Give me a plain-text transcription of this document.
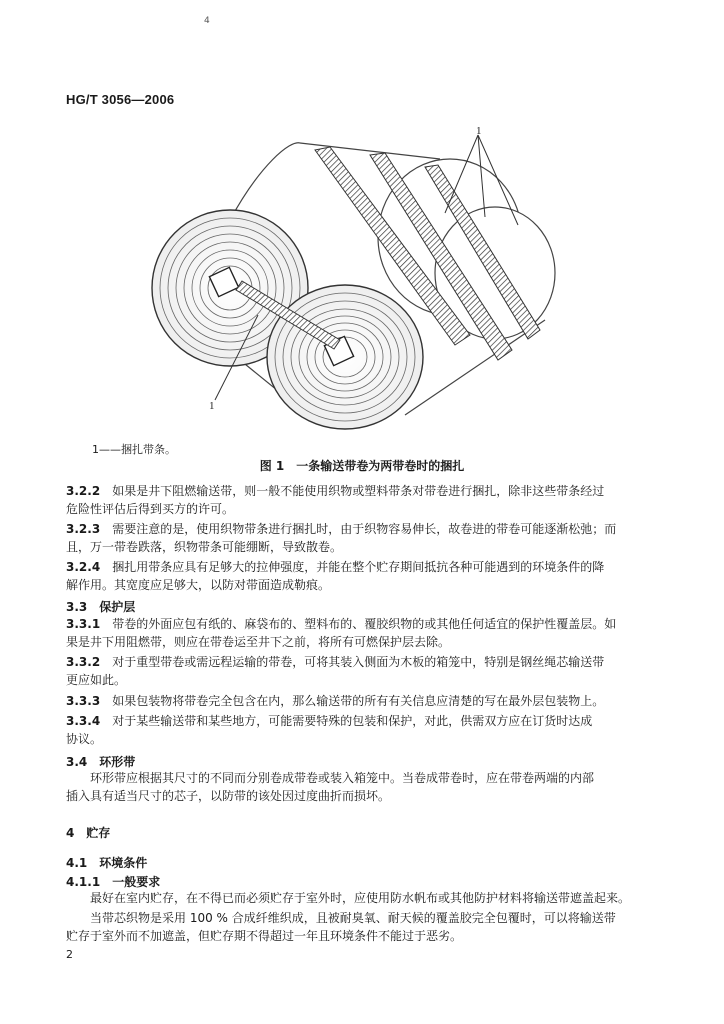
4
HG/T 3056—2006
1
1
1——捆扎带条。
图 1　一条输送带卷为两带卷时的捆扎
3.2.2　 如果是井下阻燃输送带，则一般不能使用织物或塑料带条对带卷进行捆扎，除非这些带条经过
危险性评估后得到买方的许可。
3.2.3　 需要注意的是，使用织物带条进行捆扎时，由于织物容易伸长，故卷进的带卷可能逐渐松弛；而
且，万一带卷跌落，织物带条可能绷断，导致散卷。
3.2.4　 捆扎用带条应具有足够大的拉伸强度，并能在整个贮存期间抵抗各种可能遇到的环境条件的降
解作用。其宽度应足够大，以防对带面造成勒痕。
3.3　 保护层
3.3.1　 带卷的外面应包有纸的、麻袋布的、塑料布的、覆胶织物的或其他任何适宜的保护性覆盖层。如
果是井下用阻燃带，则应在带卷运至井下之前，将所有可燃保护层去除。
3.3.2　 对于重型带卷或需远程运输的带卷，可将其装入侧面为木板的箱笼中，特别是钢丝绳芯输送带
更应如此。
3.3.3　 如果包装物将带卷完全包含在内，那么输送带的所有有关信息应清楚的写在最外层包装物上。
3.3.4　 对于某些输送带和某些地方，可能需要特殊的包装和保护，对此，供需双方应在订货时达成
协议。
3.4　 环形带
环形带应根据其尺寸的不同而分别卷成带卷或装入箱笼中。当卷成带卷时，应在带卷两端的内部
插入具有适当尺寸的芯子，以防带的该处因过度曲折而损坏。
4　 贮存
4.1　 环境条件
4.1.1　 一般要求
最好在室内贮存，在不得已而必须贮存于室外时，应使用防水帆布或其他防护材料将输送带遮盖起来。
当带芯织物是采用 100 % 合成纤维织成，且被耐臭氧、耐天候的覆盖胶完全包覆时，可以将输送带
贮存于室外而不加遮盖，但贮存期不得超过一年且环境条件不能过于恶劣。
2
